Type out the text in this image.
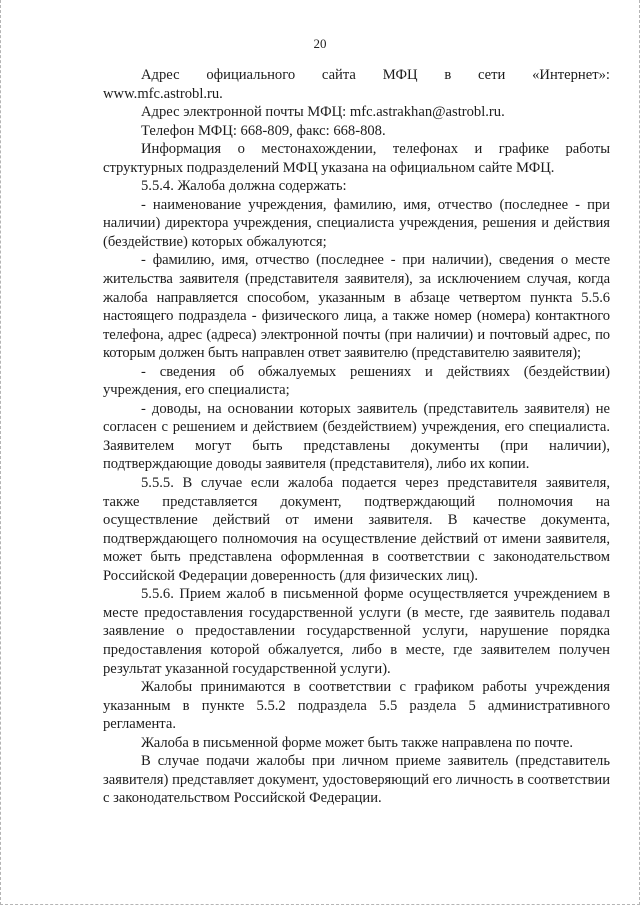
20
Адрес официального сайта МФЦ в сети «Интернет»:
www.mfc.astrobl.ru.

Адрес электронной почты МФЦ: mfc.astrakhan@astrobl.ru.

Телефон МФЦ: 668-809, факс: 668-808.

Информация о местонахождении, телефонах и графике работы структурных подразделений МФЦ указана на официальном сайте МФЦ.

5.5.4. Жалоба должна содержать:

- наименование учреждения, фамилию, имя, отчество (последнее - при наличии) директора учреждения, специалиста учреждения, решения и действия (бездействие) которых обжалуются;

- фамилию, имя, отчество (последнее - при наличии), сведения о месте жительства заявителя (представителя заявителя), за исключением случая, когда жалоба направляется способом, указанным в абзаце четвертом пункта 5.5.6 настоящего подраздела - физического лица, а также номер (номера) контактного телефона, адрес (адреса) электронной почты (при наличии) и почтовый адрес, по которым должен быть направлен ответ заявителю (представителю заявителя);

- сведения об обжалуемых решениях и действиях (бездействии) учреждения, его специалиста;

- доводы, на основании которых заявитель (представитель заявителя) не согласен с решением и действием (бездействием) учреждения, его специалиста. Заявителем могут быть представлены документы (при наличии), подтверждающие доводы заявителя (представителя), либо их копии.

5.5.5. В случае если жалоба подается через представителя заявителя, также представляется документ, подтверждающий полномочия на осуществление действий от имени заявителя. В качестве документа, подтверждающего полномочия на осуществление действий от имени заявителя, может быть представлена оформленная в соответствии с законодательством Российской Федерации доверенность (для физических лиц).

5.5.6. Прием жалоб в письменной форме осуществляется учреждением в месте предоставления государственной услуги (в месте, где заявитель подавал заявление о предоставлении государственной услуги, нарушение порядка предоставления которой обжалуется, либо в месте, где заявителем получен результат указанной государственной услуги).

Жалобы принимаются в соответствии с графиком работы учреждения указанным в пункте 5.5.2 подраздела 5.5 раздела 5 административного регламента.

Жалоба в письменной форме может быть также направлена по почте.

В случае подачи жалобы при личном приеме заявитель (представитель заявителя) представляет документ, удостоверяющий его личность в соответствии с законодательством Российской Федерации.
